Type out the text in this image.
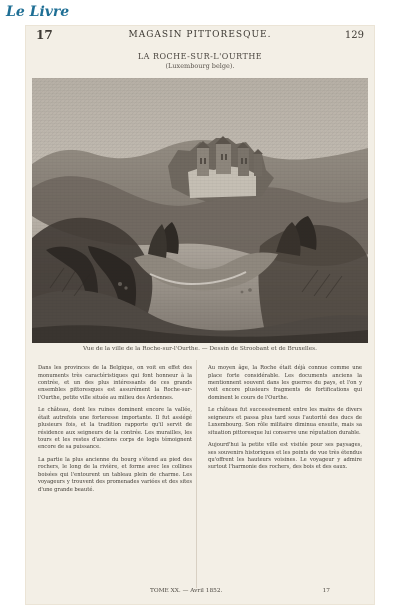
Le Livre
17	MAGASIN PITTORESQUE.	129
LA ROCHE-SUR-L'OURTHE
(Luxembourg belge).
Vue de la ville de la Roche-sur-l'Ourthe. — Dessin de Stroobant et de Bruxelles.

Dans les provinces de la Belgique, on voit en effet des monuments très caractéristiques qui font honneur à la contrée, et un des plus intéressants de ces grands ensembles pittoresques est assurément la Roche-sur-l'Ourthe, petite ville située au milieu des Ardennes.

Le château, dont les ruines dominent encore la vallée, était autrefois une forteresse importante. Il fut assiégé plusieurs fois, et la tradition rapporte qu'il servit de résidence aux seigneurs de la contrée. Les murailles, les tours et les restes d'anciens corps de logis témoignent encore de sa puissance.

La partie la plus ancienne du bourg s'étend au pied des rochers, le long de la rivière, et forme avec les collines boisées qui l'entourent un tableau plein de charme. Les voyageurs y trouvent des promenades variées et des sites d'une grande beauté.

Au moyen âge, la Roche était déjà connue comme une place forte considérable. Les documents anciens la mentionnent souvent dans les guerres du pays, et l'on y voit encore plusieurs fragments de fortifications qui dominent le cours de l'Ourthe.

Le château fut successivement entre les mains de divers seigneurs et passa plus tard sous l'autorité des ducs de Luxembourg. Son rôle militaire diminua ensuite, mais sa situation pittoresque lui conserve une réputation durable.

Aujourd'hui la petite ville est visitée pour ses paysages, ses souvenirs historiques et les points de vue très étendus qu'offrent les hauteurs voisines. Le voyageur y admire surtout l'harmonie des rochers, des bois et des eaux.

TOME XX. — Avril 1852.	17
